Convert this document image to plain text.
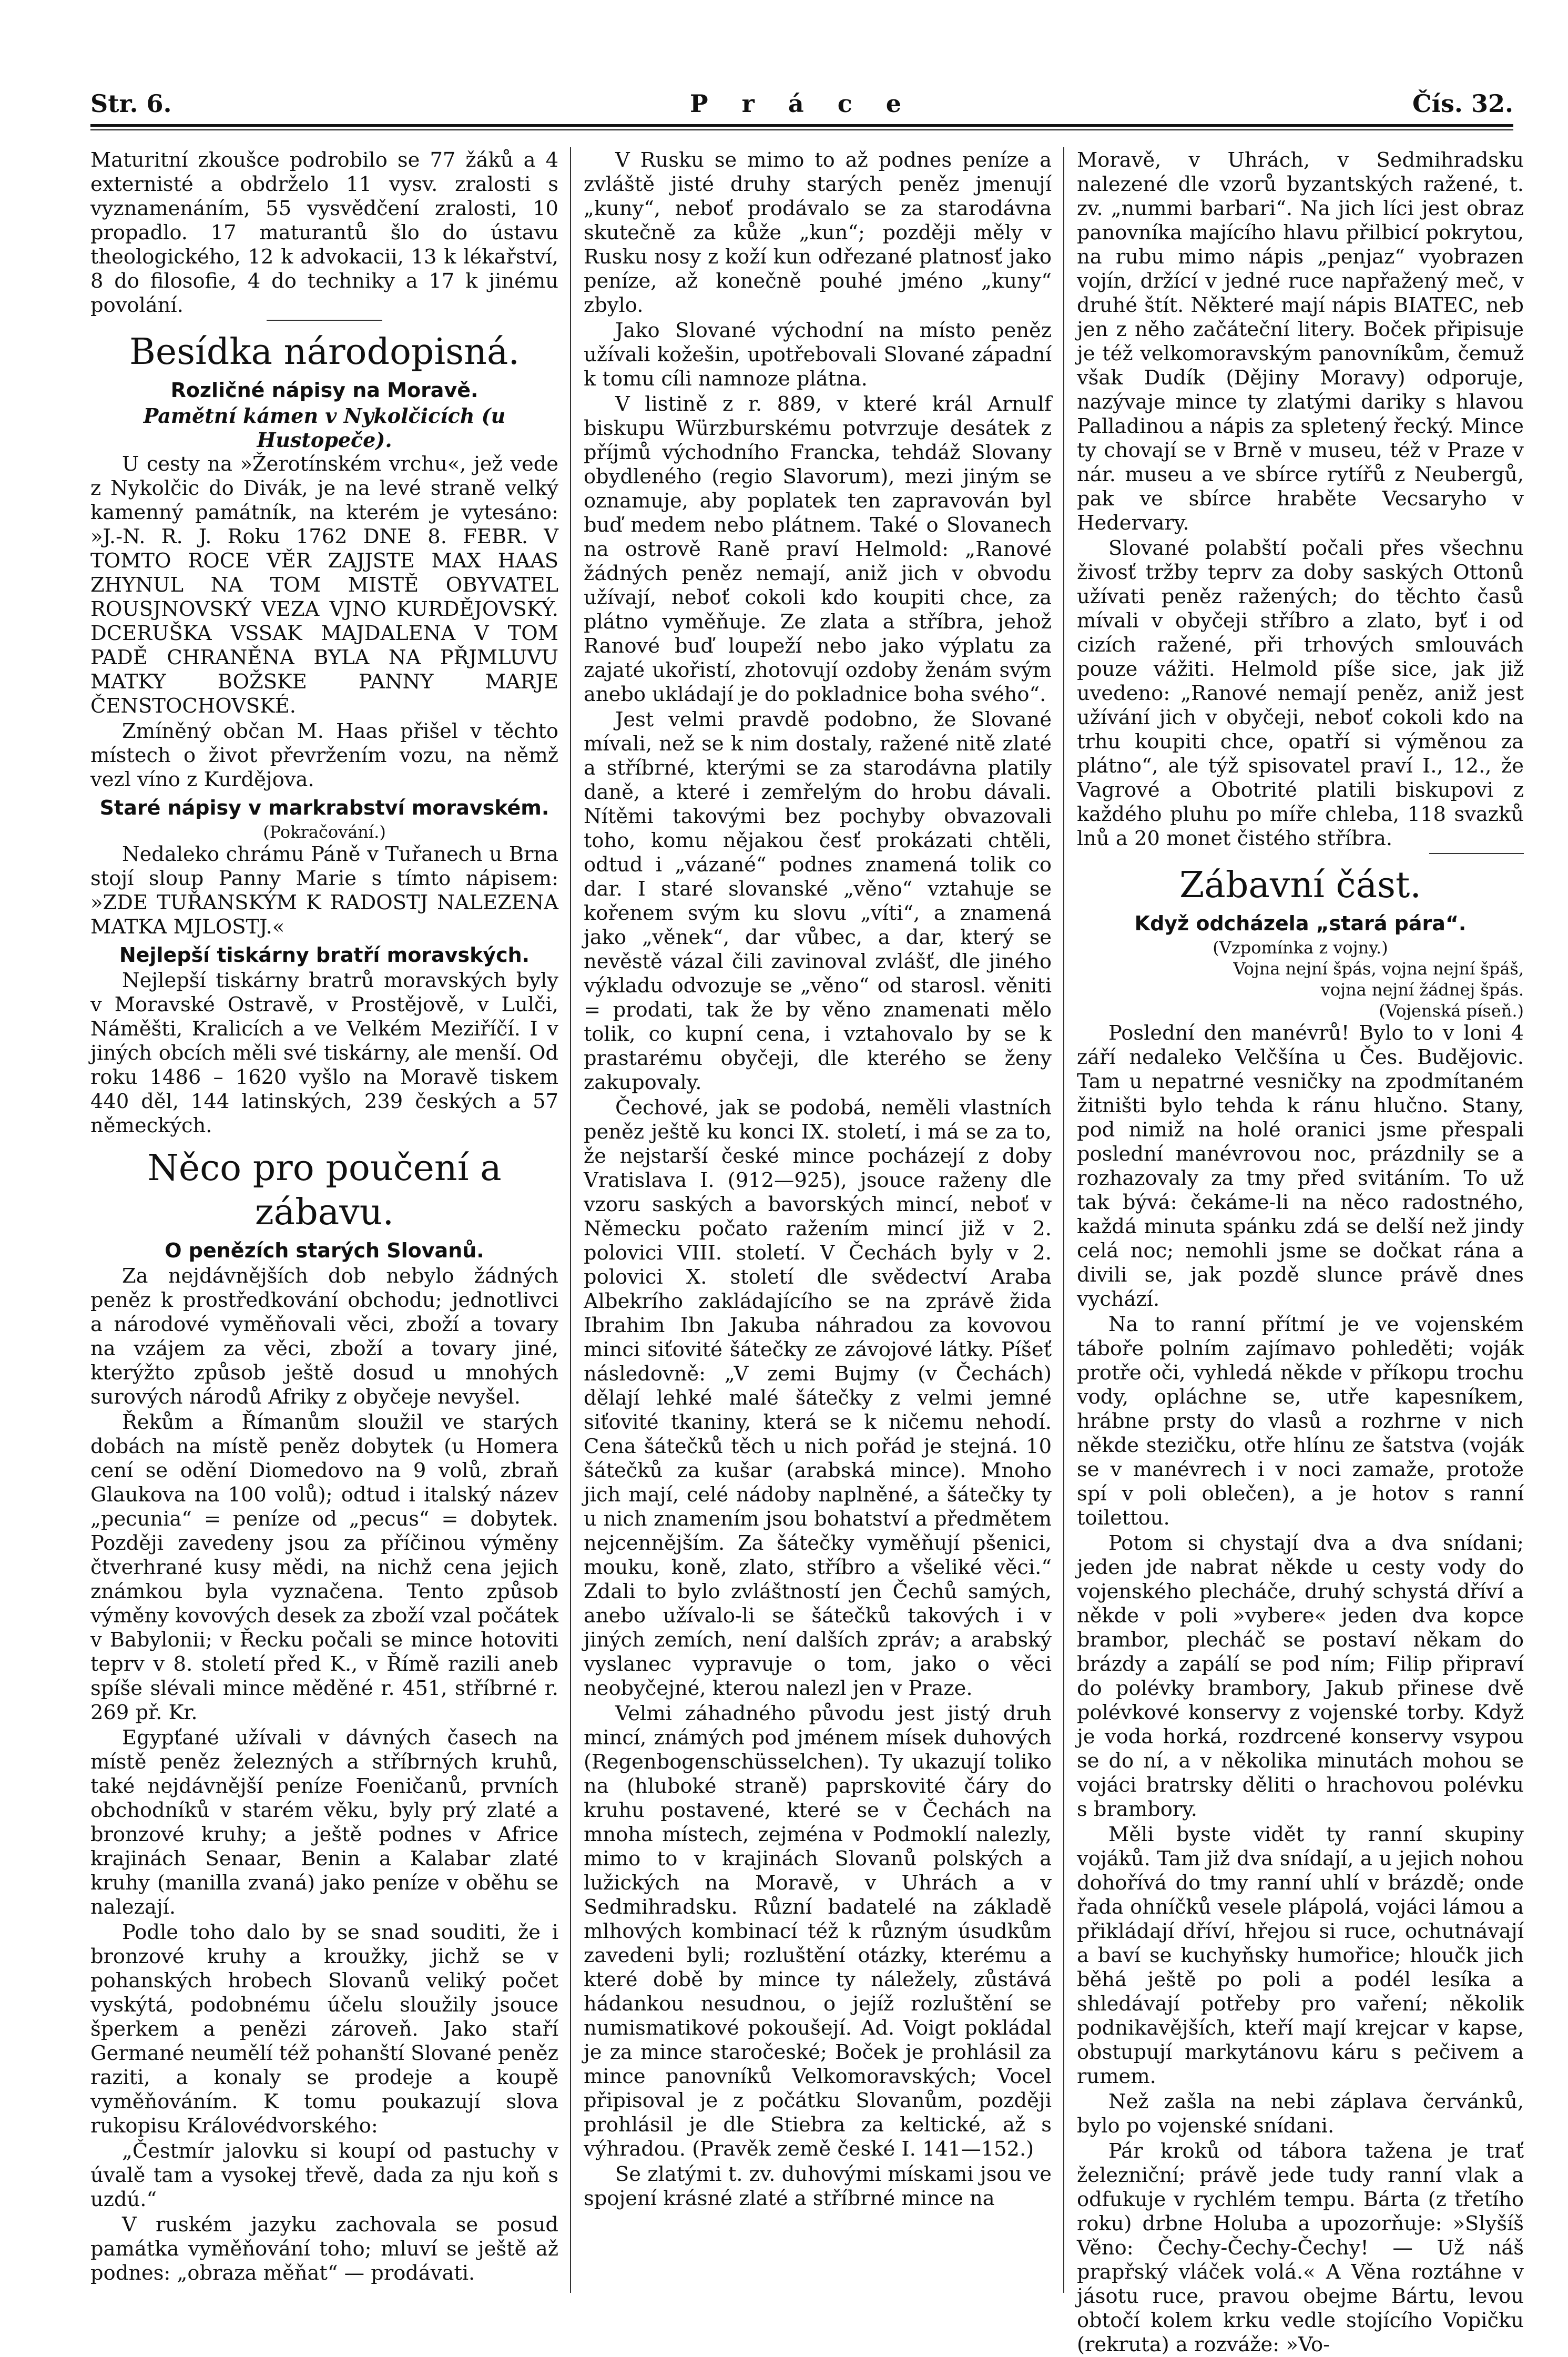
Str. 6.	P r á c e	Čís. 32.

Maturitní zkoušce podrobilo se 77 žáků a 4 externisté a obdrželo 11 vysv. zralosti s vyznamenáním, 55 vysvědčení zralosti, 10 propadlo. 17 maturantů šlo do ústavu theologického, 12 k advokacii, 13 k lékařství, 8 do filosofie, 4 do techniky a 17 k jinému povolání.

Besídka národopisná.
Rozličné nápisy na Moravě.
Pamětní kámen v Nykolčicích (u Hustopeče).

U cesty na »Žerotínském vrchu«, jež vede z Nykolčic do Divák, je na levé straně velký kamenný památník, na kterém je vytesáno: »J.-N. R. J. Roku 1762 DNE 8. FEBR. V TOMTO ROCE VĚR ZAJJSTE MAX HAAS ZHYNUL NA TOM MISTĚ OBYVATEL ROUSJNOVSKÝ VEZA VJNO KURDĚJOVSKÝ. DCERUŠKA VSSAK MAJDALENA V TOM PADĚ CHRANĚNA BYLA NA PŘJMLUVU MATKY BOŽSKE PANNY MARJE ČENSTOCHOVSKÉ.

Zmíněný občan M. Haas přišel v těchto místech o život převržením vozu, na němž vezl víno z Kurdějova.

Staré nápisy v markrabství moravském.
(Pokračování.)

Nedaleko chrámu Páně v Tuřanech u Brna stojí sloup Panny Marie s tímto nápisem: »ZDE TUŘANSKÝM K RADOSTJ NALEZENA MATKA MJLOSTJ.«

Nejlepší tiskárny bratří moravských.

Nejlepší tiskárny bratrů moravských byly v Moravské Ostravě, v Prostějově, v Lulči, Náměšti, Kralicích a ve Velkém Meziříčí. I v jiných obcích měli své tiskárny, ale menší. Od roku 1486 – 1620 vyšlo na Moravě tiskem 440 děl, 144 latinských, 239 českých a 57 německých.

Něco pro poučení a zábavu.
O penězích starých Slovanů.

Za nejdávnějších dob nebylo žádných peněz k prostředkování obchodu; jednotlivci a národové vyměňovali věci, zboží a tovary na vzájem za věci, zboží a tovary jiné, kterýžto způsob ještě dosud u mnohých surových národů Afriky z obyčeje nevyšel.

Řekům a Římanům sloužil ve starých dobách na místě peněz dobytek (u Homera cení se odění Diomedovo na 9 volů, zbraň Glaukova na 100 volů); odtud i italský název „pecunia“ = peníze od „pecus“ = dobytek. Později zavedeny jsou za příčinou výměny čtverhrané kusy mědi, na nichž cena jejich známkou byla vyznačena. Tento způsob výměny kovových desek za zboží vzal počátek v Babylonii; v Řecku počali se mince hotoviti teprv v 8. století před K., v Římě razili aneb spíše slévali mince měděné r. 451, stříbrné r. 269 př. Kr.

Egypťané užívali v dávných časech na místě peněz železných a stříbrných kruhů, také nejdávnější peníze Foeničanů, prvních obchodníků v starém věku, byly prý zlaté a bronzové kruhy; a ještě podnes v Africe krajinách Senaar, Benin a Kalabar zlaté kruhy (manilla zvaná) jako peníze v oběhu se nalezají.

Podle toho dalo by se snad souditi, že i bronzové kruhy a kroužky, jichž se v pohanských hrobech Slovanů veliký počet vyskýtá, podobnému účelu sloužily jsouce šperkem a penězi zároveň. Jako staří Germané neumělí též pohanští Slované peněz raziti, a konaly se prodeje a koupě vyměňováním. K tomu poukazují slova rukopisu Královédvorského:

„Čestmír jalovku si koupí od pastuchy v úvalě tam a vysokej třevě, dada za nju koň s uzdú.“

V ruském jazyku zachovala se posud památka vyměňování toho; mluví se ještě až podnes: „obraza měňat“ — prodávati.

V Rusku se mimo to až podnes peníze a zvláště jisté druhy starých peněz jmenují „kuny“, neboť prodávalo se za starodávna skutečně za kůže „kun“; později měly v Rusku nosy z koží kun odřezané platnosť jako peníze, až konečně pouhé jméno „kuny“ zbylo.

Jako Slované východní na místo peněz užívali kožešin, upotřebovali Slované západní k tomu cíli namnoze plátna.

V listině z r. 889, v které král Arnulf biskupu Würzburskému potvrzuje desátek z příjmů východního Francka, tehdáž Slovany obydleného (regio Slavorum), mezi jiným se oznamuje, aby poplatek ten zapravován byl buď medem nebo plátnem. Také o Slovanech na ostrově Raně praví Helmold: „Ranové žádných peněz nemají, aniž jich v obvodu užívají, neboť cokoli kdo koupiti chce, za plátno vyměňuje. Ze zlata a stříbra, jehož Ranové buď loupeží nebo jako výplatu za zajaté ukořistí, zhotovují ozdoby ženám svým anebo ukládají je do pokladnice boha svého“.

Jest velmi pravdě podobno, že Slované mívali, než se k nim dostaly, ražené nitě zlaté a stříbrné, kterými se za starodávna platily daně, a které i zemřelým do hrobu dávali. Nítěmi takovými bez pochyby obvazovali toho, komu nějakou česť prokázati chtěli, odtud i „vázané“ podnes znamená tolik co dar. I staré slovanské „věno“ vztahuje se kořenem svým ku slovu „víti“, a znamená jako „věnek“, dar vůbec, a dar, který se nevěstě vázal čili zavinoval zvlášť, dle jiného výkladu odvozuje se „věno“ od starosl. věniti = prodati, tak že by věno znamenati mělo tolik, co kupní cena, i vztahovalo by se k prastarému obyčeji, dle kterého se ženy zakupovaly.

Čechové, jak se podobá, neměli vlastních peněz ještě ku konci IX. století, i má se za to, že nejstarší české mince pocházejí z doby Vratislava I. (912—925), jsouce raženy dle vzoru saských a bavorských mincí, neboť v Německu počato ražením mincí již v 2. polovici VIII. století. V Čechách byly v 2. polovici X. století dle svědectví Araba Albekrího zakládajícího se na zprávě žida Ibrahim Ibn Jakuba náhradou za kovovou minci siťovité šátečky ze závojové látky. Píšeť následovně: „V zemi Bujmy (v Čechách) dělají lehké malé šátečky z velmi jemné siťovité tkaniny, která se k ničemu nehodí. Cena šátečků těch u nich pořád je stejná. 10 šátečků za kušar (arabská mince). Mnoho jich mají, celé nádoby naplněné, a šátečky ty u nich znamením jsou bohatství a předmětem nejcennějším. Za šátečky vyměňují pšenici, mouku, koně, zlato, stříbro a všeliké věci.“ Zdali to bylo zvláštností jen Čechů samých, anebo užívalo-li se šátečků takových i v jiných zemích, není dalších zpráv; a arabský vyslanec vypravuje o tom, jako o věci neobyčejné, kterou nalezl jen v Praze.

Velmi záhadného původu jest jistý druh mincí, známých pod jménem mísek duhových (Regenbogenschüsselchen). Ty ukazují toliko na (hluboké straně) paprskovité čáry do kruhu postavené, které se v Čechách na mnoha místech, zejména v Podmoklí nalezly, mimo to v krajinách Slovanů polských a lužických na Moravě, v Uhrách a v Sedmihradsku. Různí badatelé na základě mlhových kombinací též k různým úsudkům zavedeni byli; rozluštění otázky, kterému a které době by mince ty náležely, zůstává hádankou nesudnou, o jejíž rozluštění se numismatikové pokoušejí. Ad. Voigt pokládal je za mince staročeské; Boček je prohlásil za mince panovníků Velkomoravských; Vocel připisoval je z počátku Slovanům, později prohlásil je dle Stiebra za keltické, až s výhradou. (Pravěk země české I. 141—152.)

Se zlatými t. zv. duhovými mískami jsou ve spojení krásné zlaté a stříbrné mince na

Moravě, v Uhrách, v Sedmihradsku nalezené dle vzorů byzantských ražené, t. zv. „nummi barbari“. Na jich líci jest obraz panovníka majícího hlavu přilbicí pokrytou, na rubu mimo nápis „penjaz“ vyobrazen vojín, držící v jedné ruce napřažený meč, v druhé štít. Některé mají nápis BIATEC, neb jen z něho začáteční litery. Boček připisuje je též velkomoravským panovníkům, čemuž však Dudík (Dějiny Moravy) odporuje, nazývaje mince ty zlatými dariky s hlavou Palladinou a nápis za spletený řecký. Mince ty chovají se v Brně v museu, též v Praze v nár. museu a ve sbírce rytířů z Neubergů, pak ve sbírce hraběte Vecsaryho v Hedervary.

Slované polabští počali přes všechnu živosť tržby teprv za doby saských Ottonů užívati peněz ražených; do těchto časů mívali v obyčeji stříbro a zlato, byť i od cizích ražené, při trhových smlouvách pouze vážiti. Helmold píše sice, jak již uvedeno: „Ranové nemají peněz, aniž jest užívání jich v obyčeji, neboť cokoli kdo na trhu koupiti chce, opatří si výměnou za plátno“, ale týž spisovatel praví I., 12., že Vagrové a Obotrité platili biskupovi z každého pluhu po míře chleba, 118 svazků lnů a 20 monet čistého stříbra.

Zábavní část.
Když odcházela „stará pára“.
(Vzpomínka z vojny.)
Vojna nejní špás, vojna nejní špáš,
vojna nejní žádnej špás.
(Vojenská píseň.)

Poslední den manévrů! Bylo to v loni 4 září nedaleko Velčšína u Čes. Budějovic. Tam u nepatrné vesničky na zpodmítaném žitništi bylo tehda k ránu hlučno. Stany, pod nimiž na holé oranici jsme přespali poslední manévrovou noc, prázdnily se a rozhazovaly za tmy před svitáním. To už tak bývá: čekáme-li na něco radostného, každá minuta spánku zdá se delší než jindy celá noc; nemohli jsme se dočkat rána a divili se, jak pozdě slunce právě dnes vychází.

Na to ranní přítmí je ve vojenském táboře polním zajímavo pohleděti; voják protře oči, vyhledá někde v příkopu trochu vody, opláchne se, utře kapesníkem, hrábne prsty do vlasů a rozhrne v nich někde stezičku, otře hlínu ze šatstva (voják se v manévrech i v noci zamaže, protože spí v poli oblečen), a je hotov s ranní toilettou.

Potom si chystají dva a dva snídani; jeden jde nabrat někde u cesty vody do vojenského plecháče, druhý schystá dříví a někde v poli »vybere« jeden dva kopce brambor, plecháč se postaví někam do brázdy a zapálí se pod ním; Filip připraví do polévky brambory, Jakub přinese dvě polévkové konservy z vojenské torby. Když je voda horká, rozdrcené konservy vsypou se do ní, a v několika minutách mohou se vojáci bratrsky děliti o hrachovou polévku s brambory.

Měli byste vidět ty ranní skupiny vojáků. Tam již dva snídají, a u jejich nohou dohořívá do tmy ranní uhlí v brázdě; onde řada ohníčků vesele plápolá, vojáci lámou a přikládají dříví, hřejou si ruce, ochutnávají a baví se kuchyňsky humořice; hloučk jich běhá ještě po poli a podél lesíka a shledávají potřeby pro vaření; několik podnikavějších, kteří mají krejcar v kapse, obstupují markytánovu káru s pečivem a rumem.

Než zašla na nebi záplava červánků, bylo po vojenské snídani.

Pár kroků od tábora tažena je trať železniční; právě jede tudy ranní vlak a odfukuje v rychlém tempu. Bárta (z třetího roku) drbne Holuba a upozorňuje: »Slyšíš Věno: Čechy-Čechy-Čechy! — Už náš prapřský vláček volá.« A Věna roztáhne v jásotu ruce, pravou obejme Bártu, levou obtočí kolem krku vedle stojícího Vopičku (rekruta) a rozváže: »Vo-
